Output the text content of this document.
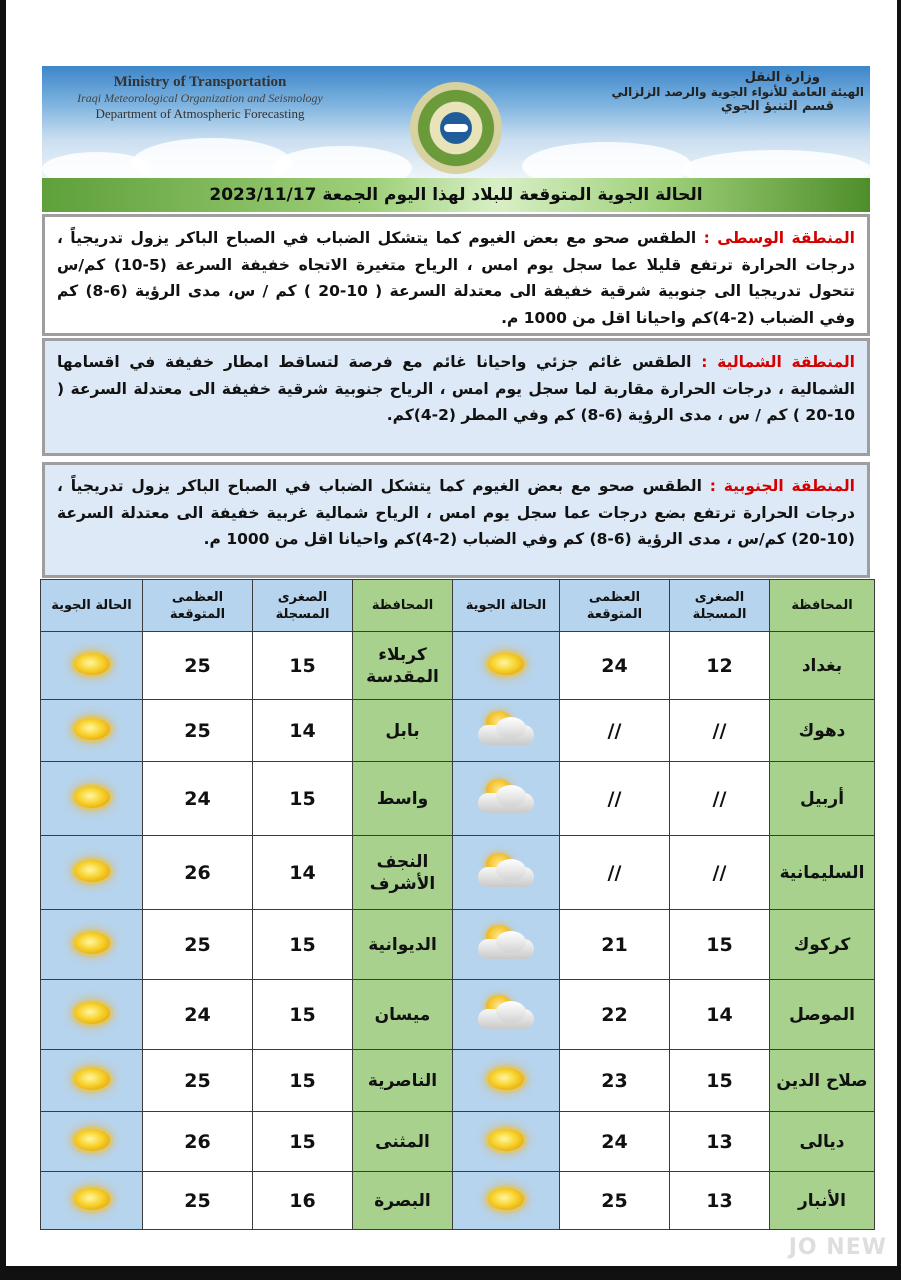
Ministry of Transportation
Iraqi Meteorological Organization and Seismology
Department of Atmospheric Forecasting
وزارة النقل
الهيئة العامة للأنواء الجوية والرصد الزلزالي
قسم التنبؤ الجوي
الحالة الجوية المتوقعة للبلاد لهذا اليوم الجمعة 2023/11/17
المنطقة الوسطى : الطقس صحو مع بعض الغيوم كما يتشكل الضباب في الصباح الباكر يزول تدريجياً ، درجات الحرارة ترتفع قليلا عما سجل يوم امس ، الرياح متغيرة الاتجاه خفيفة السرعة (5-10) كم/س تتحول تدريجيا الى جنوبية شرقية خفيفة الى معتدلة السرعة ( 10-20 ) كم / س، مدى الرؤية (6-8) كم وفي الضباب (2-4)كم واحيانا اقل من 1000 م.
المنطقة الشمالية : الطقس غائم جزئي واحيانا غائم مع فرصة لتساقط امطار خفيفة في اقسامها الشمالية ، درجات الحرارة مقاربة لما سجل يوم امس ، الرياح جنوبية شرقية خفيفة الى معتدلة السرعة ( 10-20 ) كم / س ، مدى الرؤية (6-8) كم وفي المطر (2-4)كم.
المنطقة الجنوبية : الطقس صحو مع بعض الغيوم كما يتشكل الضباب في الصباح الباكر يزول تدريجياً ، درجات الحرارة ترتفع بضع درجات عما سجل يوم امس ، الرياح شمالية غربية خفيفة الى معتدلة السرعة (10-20) كم/س ، مدى الرؤية (6-8) كم وفي الضباب (2-4)كم واحيانا اقل من 1000 م.
المحافظة	الصغرى المسجلة	العظمى المتوقعة	الحالة الجوية	المحافظة	الصغرى المسجلة	العظمى المتوقعة	الحالة الجوية
بغداد	12	24		كربلاء المقدسة	15	25	
دهوك	//	//		بابل	14	25	
أربيل	//	//		واسط	15	24	
السليمانية	//	//		النجف الأشرف	14	26	
كركوك	15	21		الديوانية	15	25	
الموصل	14	22		ميسان	15	24	
صلاح الدين	15	23		الناصرية	15	25	
ديالى	13	24		المثنى	15	26	
الأنبار	13	25		البصرة	16	25	
JO NEW
